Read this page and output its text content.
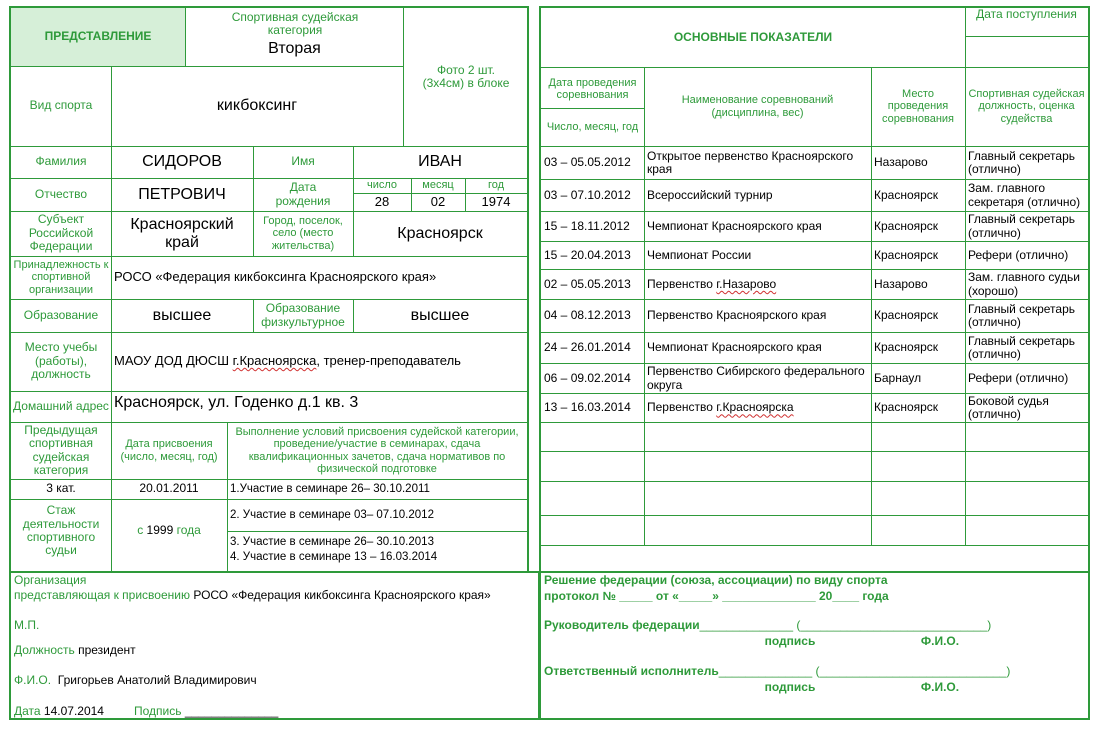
ПРЕДСТАВЛЕНИЕ
Спортивная судейская категория
Вторая
Фото 2 шт. (3х4см) в блоке
Вид спорта	кикбоксинг
Фамилия	СИДОРОВ	Имя	ИВАН
Отчество	ПЕТРОВИЧ	Дата рождения
число	месяц	год
28	02	1974
Субъект Российской Федерации
Красноярский край
Город, поселок, село (место жительства)
Красноярск
Принадлежность к спортивной организации
РОСО «Федерация кикбоксинга Красноярского края»
Образование	высшее	Образование физкультурное	высшее
Место учебы (работы), должность
МАОУ ДОД ДЮСШ г.Красноярска , тренер-преподаватель
Домашний адрес Красноярск, ул. Годенко д.1 кв. 3
Предыдущая спортивная судейская категория
Дата присвоения (число, месяц, год)
Выполнение условий присвоения судейской категории, проведение/участие в семинарах, сдача квалификационных зачетов, сдача нормативов по физической подготовке
3 кат.	20.01.2011	1.Участие в семинаре 26– 30.10.2011
2. Участие в семинаре 03– 07.10.2012
3. Участие в семинаре 26– 30.10.2013
4. Участие в семинаре 13 – 16.03.2014
Стаж деятельности спортивного судьи
с 1999 года
Организация
представляющая к присвоению РОСО «Федерация кикбоксинга Красноярского края»
М.П.
Должность
президент
Ф.И.О.
Григорьев Анатолий Владимирович
Дата
14.07.2014	Подпись
______________
ОСНОВНЫЕ ПОКАЗАТЕЛИ
Дата поступления
Дата проведения соревнования
Число, месяц, год
Наименование соревнований (дисциплина, вес)
Место проведения соревнования
Спортивная судейская должность, оценка судейства
03 – 05.05.2012	Открытое первенство Красноярского края	Назарово	Главный секретарь (отлично)
03 – 07.10.2012	Всероссийский турнир	Красноярск	Зам. главного секретаря (отлично)
15 – 18.11.2012	Чемпионат Красноярского края	Красноярск	Главный секретарь (отлично)
15 – 20.04.2013	Чемпионат России	Красноярск	Рефери (отлично)
02 – 05.05.2013	Первенство г.Назарово	Назарово	Зам. главного судьи (хорошо)
04 – 08.12.2013	Первенство Красноярского края	Красноярск	Главный секретарь (отлично)
24 – 26.01.2014	Чемпионат Красноярского края	Красноярск	Главный секретарь (отлично)
06 – 09.02.2014	Первенство Сибирского федерального округа	Барнаул	Рефери (отлично)
13 – 16.03.2014	Первенство г.Красноярска	Красноярск	Боковой судья (отлично)
Решение федерации (союза, ассоциации) по виду спорта
протокол № _____ от «_____» ______________ 20____ года
Руководитель федерации ______________ (____________________________)
подпись	Ф.И.О.
Ответственный исполнитель ______________ (____________________________)
подпись	Ф.И.О.
